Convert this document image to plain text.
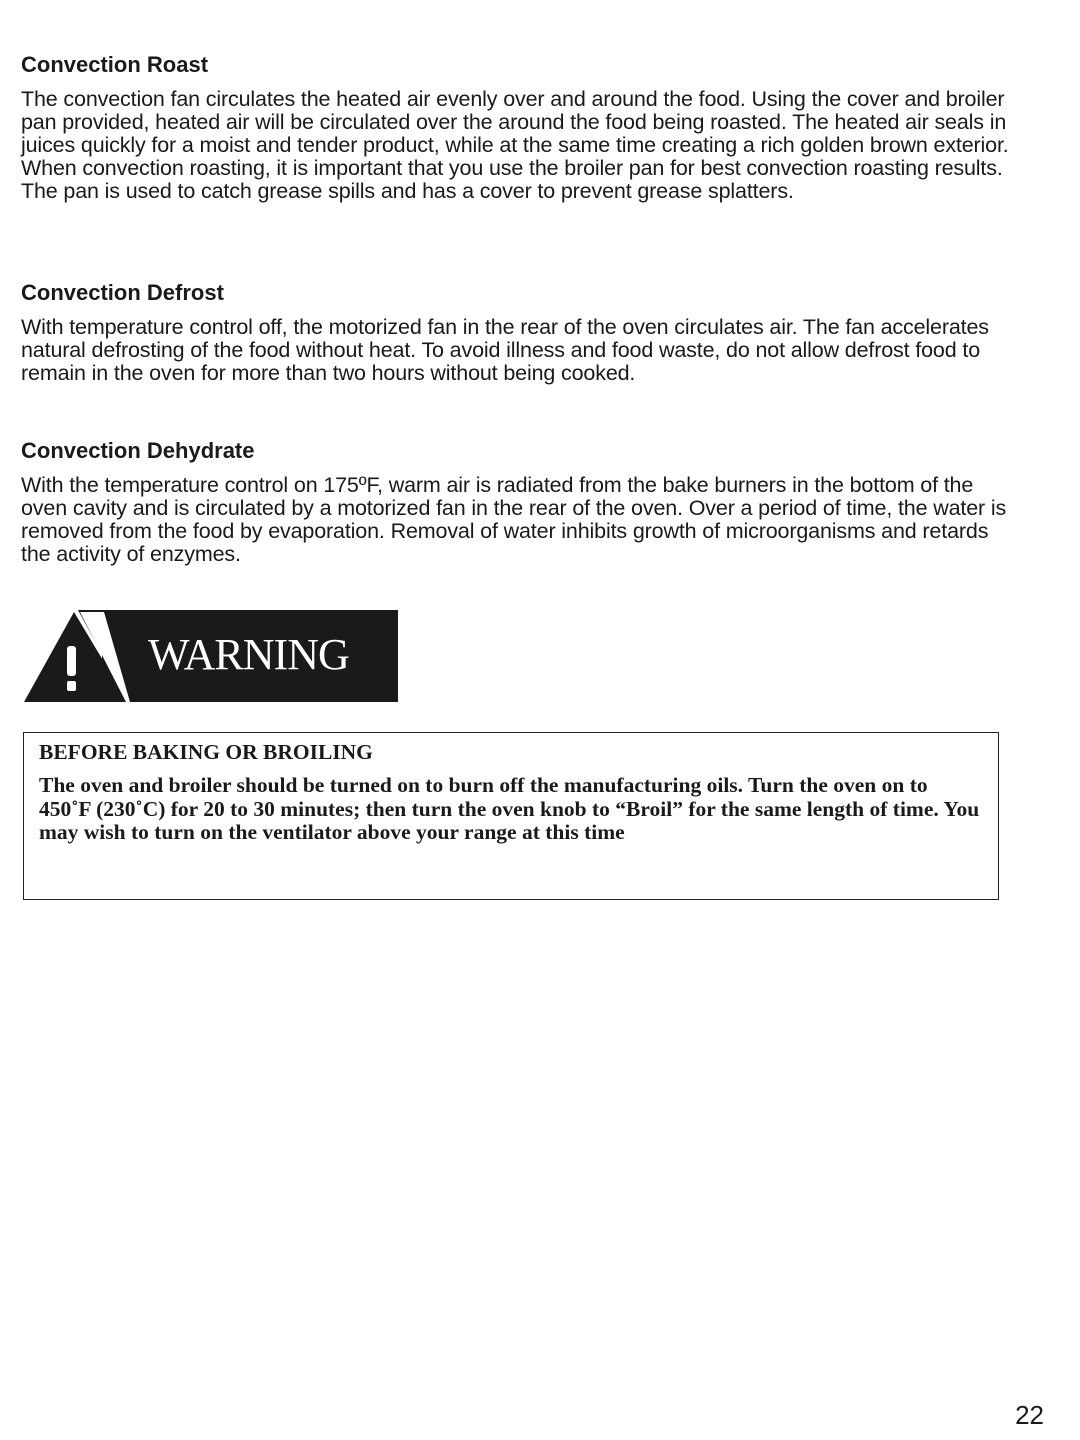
Convection Roast

The convection fan circulates the heated air evenly over and around the food. Using the cover and broiler pan provided, heated air will be circulated over the around the food being roasted. The heated air seals in juices quickly for a moist and tender product, while at the same time creating a rich golden brown exterior. When convection roasting, it is important that you use the broiler pan for best convection roasting results. The pan is used to catch grease spills and has a cover to prevent grease splatters.

Convection Defrost

With temperature control off, the motorized fan in the rear of the oven circulates air. The fan accelerates natural defrosting of the food without heat. To avoid illness and food waste, do not allow defrost food to remain in the oven for more than two hours without being cooked.

Convection Dehydrate

With the temperature control on 175ºF, warm air is radiated from the bake burners in the bottom of the oven cavity and is circulated by a motorized fan in the rear of the oven. Over a period of time, the water is removed from the food by evaporation. Removal of water inhibits growth of microorganisms and retards the activity of enzymes.

WARNING
BEFORE BAKING OR BROILING

The oven and broiler should be turned on to burn off the manufacturing oils. Turn the oven on to 450˚F (230˚C) for 20 to 30 minutes; then turn the oven knob to “Broil” for the same length of time. You may wish to turn on the ventilator above your range at this time

22
